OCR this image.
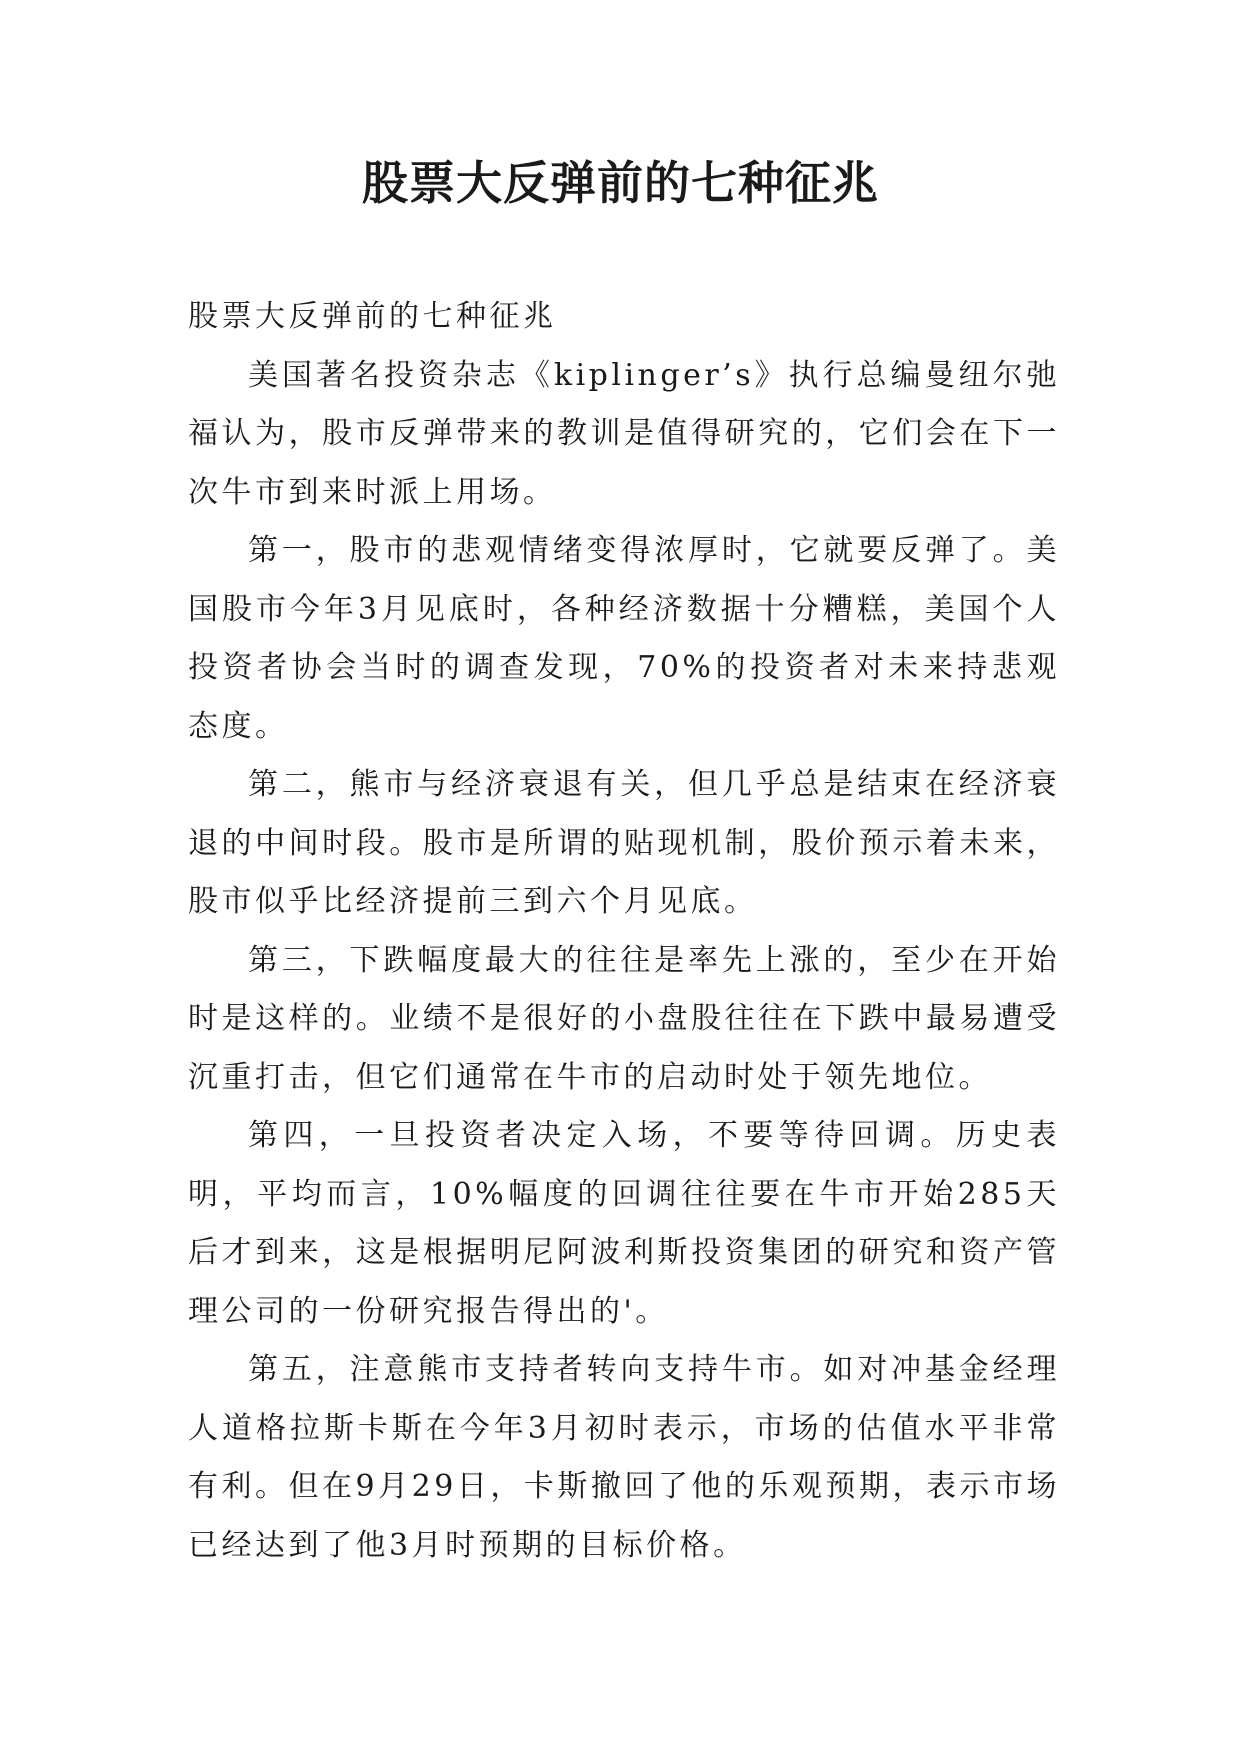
股票大反弹前的七种征兆

股票大反弹前的七种征兆

美国著名投资杂志《kiplinger’s》执行总编曼纽尔弛福认为，股市反弹带来的教训是值得研究的，它们会在下一次牛市到来时派上用场。

第一，股市的悲观情绪变得浓厚时，它就要反弹了。美国股市今年3月见底时，各种经济数据十分糟糕，美国个人投资者协会当时的调查发现，70%的投资者对未来持悲观态度。

第二，熊市与经济衰退有关，但几乎总是结束在经济衰退的中间时段。股市是所谓的贴现机制，股价预示着未来，股市似乎比经济提前三到六个月见底。

第三，下跌幅度最大的往往是率先上涨的，至少在开始时是这样的。业绩不是很好的小盘股往往在下跌中最易遭受沉重打击，但它们通常在牛市的启动时处于领先地位。

第四，一旦投资者决定入场，不要等待回调。历史表明，平均而言，10%幅度的回调往往要在牛市开始285天后才到来，这是根据明尼阿波利斯投资集团的研究和资产管理公司的一份研究报告得出的'。

第五，注意熊市支持者转向支持牛市。如对冲基金经理人道格拉斯卡斯在今年3月初时表示，市场的估值水平非常有利。但在9月29日，卡斯撤回了他的乐观预期，表示市场已经达到了他3月时预期的目标价格。
